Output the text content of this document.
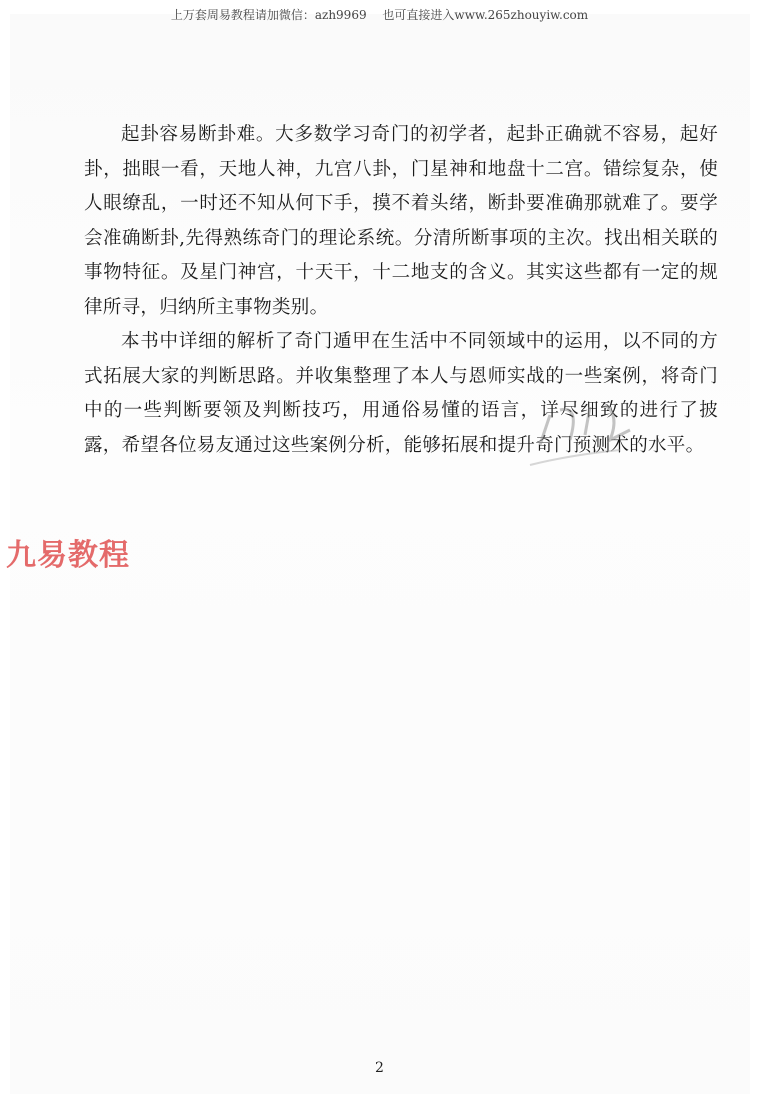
上万套周易教程请加微信：azh9969 也可直接进入www.265zhouyiw.com

起卦容易断卦难。大多数学习奇门的初学者，起卦正确就不容易，起好卦，拙眼一看，天地人神，九宫八卦，门星神和地盘十二宫。错综复杂，使人眼缭乱，一时还不知从何下手，摸不着头绪，断卦要准确那就难了。要学会准确断卦,先得熟练奇门的理论系统。分清所断事项的主次。找出相关联的事物特征。及星门神宫，十天干，十二地支的含义。其实这些都有一定的规律所寻，归纳所主事物类别。

本书中详细的解析了奇门遁甲在生活中不同领域中的运用，以不同的方式拓展大家的判断思路。并收集整理了本人与恩师实战的一些案例，将奇门中的一些判断要领及判断技巧，用通俗易懂的语言，详尽细致的进行了披露，希望各位易友通过这些案例分析，能够拓展和提升奇门预测术的水平。

九易教程
2
